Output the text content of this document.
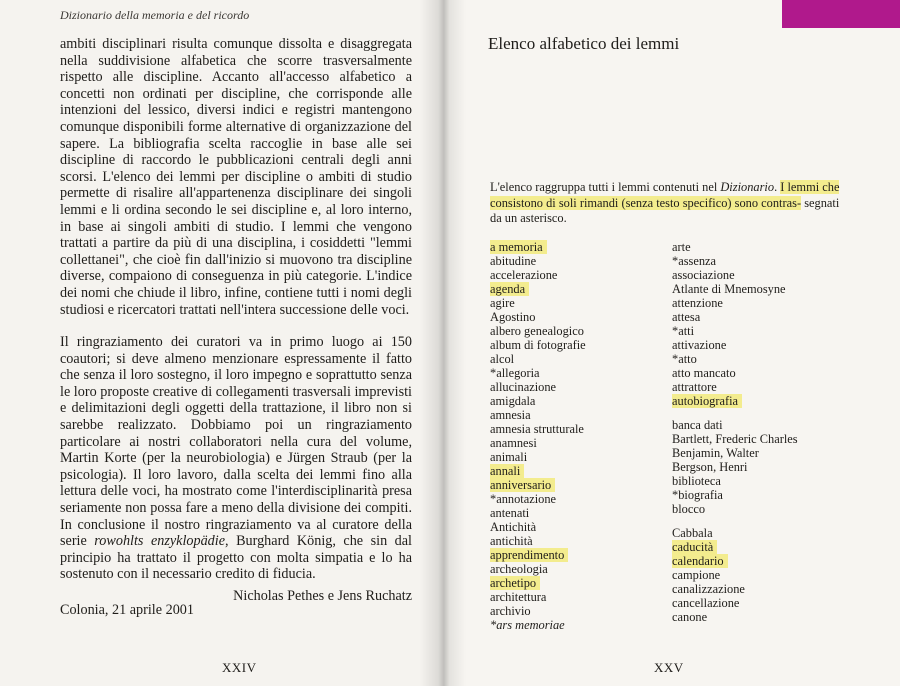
Dizionario della memoria e del ricordo

ambiti disciplinari risulta comunque dissolta e disaggregata nella suddivisione alfabetica che scorre trasversalmente rispetto alle discipline. Accanto all'accesso alfabetico a concetti non ordinati per discipline, che corrisponde alle intenzioni del lessico, diversi indici e registri mantengono comunque disponibili forme alternative di organizzazione del sapere. La bibliografia scelta raccoglie in base alle sei discipline di raccordo le pubblicazioni centrali degli anni scorsi. L'elenco dei lemmi per discipline o ambiti di studio permette di risalire all'appartenenza disciplinare dei singoli lemmi e li ordina secondo le sei discipline e, al loro interno, in base ai singoli ambiti di studio. I lemmi che vengono trattati a partire da più di una disciplina, i cosiddetti "lemmi collettanei", che cioè fin dall'inizio si muovono tra discipline diverse, compaiono di conseguenza in più categorie. L'indice dei nomi che chiude il libro, infine, contiene tutti i nomi degli studiosi e ricercatori trattati nell'intera successione delle voci.

Il ringraziamento dei curatori va in primo luogo ai 150 coautori; si deve almeno menzionare espressamente il fatto che senza il loro sostegno, il loro impegno e soprattutto senza le loro proposte creative di collegamenti trasversali imprevisti e delimitazioni degli oggetti della trattazione, il libro non si sarebbe realizzato. Dobbiamo poi un ringraziamento particolare ai nostri collaboratori nella cura del volume, Martin Korte (per la neurobiologia) e Jürgen Straub (per la psicologia). Il loro lavoro, dalla scelta dei lemmi fino alla lettura delle voci, ha mostrato come l'interdisciplinarità presa seriamente non possa fare a meno della divisione dei compiti. In conclusione il nostro ringraziamento va al curatore della serie rowohlts enzyklopädie, Burghard König, che sin dal principio ha trattato il progetto con molta simpatia e lo ha sostenuto con il necessario credito di fiducia.

Nicholas Pethes e Jens Ruchatz
Colonia, 21 aprile 2001
XXIV
Elenco alfabetico dei lemmi

L'elenco raggruppa tutti i lemmi contenuti nel Dizionario. I lemmi che consistono di soli rimandi (senza testo specifico) sono contras- segnati da un asterisco.

a memoria
abitudine
accelerazione
agenda
agire
Agostino
albero genealogico
album di fotografie
alcol
*allegoria
allucinazione
amigdala
amnesia
amnesia strutturale
anamnesi
animali
annali
anniversario
*annotazione
antenati
Antichità
antichità
apprendimento
archeologia
archetipo
architettura
archivio
*ars memoriae
arte
*assenza
associazione
Atlante di Mnemosyne
attenzione
attesa
*atti
attivazione
*atto
atto mancato
attrattore
autobiografia
banca dati
Bartlett, Frederic Charles
Benjamin, Walter
Bergson, Henri
biblioteca
*biografia
blocco
Cabbala
caducità
calendario
campione
canalizzazione
cancellazione
canone
XXV
